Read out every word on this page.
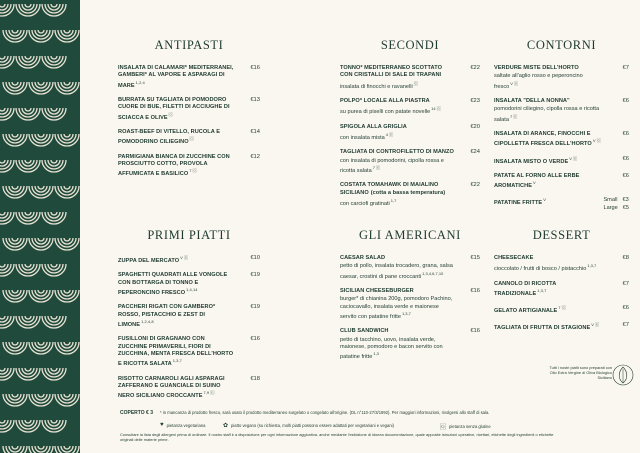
ANTIPASTI
INSALATA DI CALAMARI* MEDITERRANEI, GAMBERI* AL VAPORE E ASPARAGI DI MARE$^{1,2,4}$
€16
BURRATA SU TAGLIATA DI POMODORO CUORE DI BUE, FILETTI DI ACCIUGHE DI SCIACCA E OLIVE🄶
€13
ROAST-BEEF DI VITELLO, RUCOLA E POMODORINO CILIEGINO🄶
€14
PARMIGIANA BIANCA DI ZUCCHINE CON PROSCIUTTO COTTO, PROVOLA AFFUMICATA E $BASILICO^{7 🄶}$
€12
SECONDI
TONNO* MEDITERRANEO SCOTTATO CON CRISTALLI DI SALE DI TRAPANI
insalata di finocchi e ravanelli🄶
€22
POLPO* LOCALE ALLA PIASTRA
su purea di piselli con patate novelle$^{14 🄶}$
€23
SPIGOLA ALLA GRIGLIA
con insalata mista$^{4 🄶}$
€20
TAGLIATA DI CONTROFILETTO DI MANZO
con insalata di pomodorini, cipolla rossa e ricotta salata$^{7 🄶}$
€24
COSTATA TOMAHAWK DI MAIALINO SICILIANO (cotta a bassa temperatura)
con carciofi gratinati$^{1,7}$
€22
CONTORNI
VERDURE MISTE DELL'HORTO
saltate all'aglio rosso e peperoncino fresco$^{V 🄶}$
€7
INSALATA "DELLA NONNA"
pomodorini ciliegino, cipolla rossa e ricotta salata$^{7 🄶}$
€6
INSALATA DI ARANCE, FINOCCHI E CIPOLLETTA FRESCA $DELL'HORTO^{V 🄶}$
€6
INSALATA MISTO O $VERDE^{V 🄶}$	€6
PATATE AL FORNO ALLE ERBE $AROMATICHE^V$
€6
PATATINE $FRITTE^V$	Small €3
Large €5
PRIMI PIATTI
ZUPPA DEL $MERCATO^{V 🄶}$	€10
SPAGHETTI QUADRATI ALLE VONGOLE CON BOTTARGA DI TONNO E PEPERONCINO FRESCO$^{1,4,14}$
€19
PACCHERI RIGATI CON GAMBERO* ROSSO, PISTACCHIO E ZEST DI LIMONE$^{1,2,4,8}$
€19
FUSILLONI DI GRAGNANO CON ZUCCHINE PRIMAVERILI, FIORI DI ZUCCHINA, MENTA FRESCA DELL'HORTO E RICOTTA SALATA$^{1,3,7}$
€16
RISOTTO CARNAROLI AGLI ASPARAGI ZAFFERANO E GUANCIALE DI SUINO NERO SICILIANO $CROCCANTE^{7,9 🄶}$
€18
GLI AMERICANI
CAESAR SALAD
petto di pollo, insalata trocadero, grana, salsa caesar, crostini di pane croccanti$^{1,3,4,6,7,10}$
€15
SICILIAN CHEESEBURGER
burger* di chianina 200g, pomodoro Pachino, caciocavallo, insalata verde e maionese servito con patatine fritte$^{1,3,7}$
€16
CLUB SANDWICH
petto di tacchino, uovo, insalata verde, maionese, pomodoro e bacon servito con patatine fritte$^{1,3}$
€16
DESSERT
CHEESECAKE
cioccolato / frutti di bosco / pistacchio$^{1,3,7}$
€8
CANNOLO DI RICOTTA TRADIZIONALE$^{1,3,7}$
€7
GELATO $ARTIGIANALE^{7 🄶}$	€6
TAGLIATA DI FRUTTA DI $STAGIONE^{V 🄶}$	€7
Tutti i nostri piatti sono preparati con Olio Extra Vergine di Oliva Biologico Siciliano
COPERTO € 3 * in mancanza di prodotto fresco, sarà usato il prodotto mediterraneo surgelato o congelato all'origine. (DL n°110-27/3/1992). Per maggiori informazioni, rivolgersi allo staff di sala.
♥ pietanza vegetariana	✿ piatto vegano (su richiesta, molti piatti possono essere adattati per vegetariani e vegani)	🄶 pietanza senza glutine
Consultare la lista degli allergeni prima di ordinare. Il nostro staff è a disposizione per ogni informazione aggiuntiva, anche mediante l'esibizione di idonea documentazione, quale apposite istruzioni operative, ricettari, etichette degli ingredienti o etichette originali delle materie prime.
